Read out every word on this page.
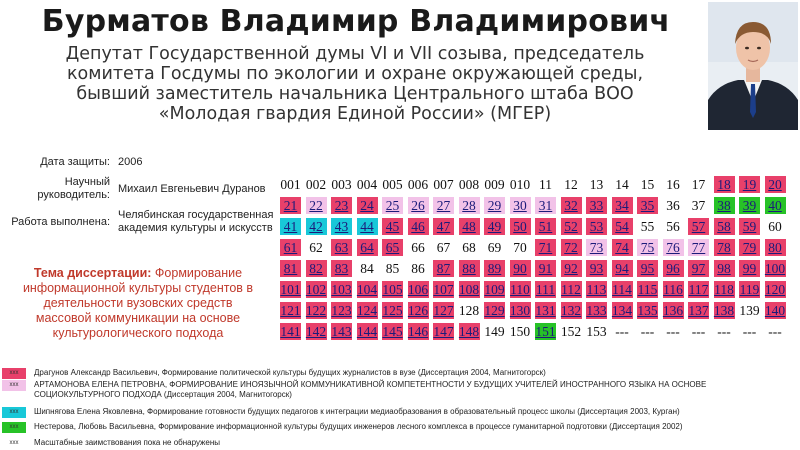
Бурматов Владимир Владимирович
Депутат Государственной думы VI и VII созыва, председатель
комитета Госдумы по экологии и охране окружающей среды,
бывший заместитель начальника Центрального штаба ВОО
«Молодая гвардия Единой России» (МГЕР)
Дата защиты: 2006
Научный
руководитель: Михаил Евгеньевич Дуранов
Работа выполнена:
Челябинская государственная
академия культуры и искусств
Тема диссертации: Формирование информационной культуры студентов в деятельности вузовских средств массовой коммуникации на основе культурологического подхода
001 002 003 004 005 006 007 008 009 010 11 12 13 14 15 16 17 18 19 20
21 22 23 24 25 26 27 28 29 30 31 32 33 34 35 36 37 38 39 40
41 42 43 44 45 46 47 48 49 50 51 52 53 54 55 56 57 58 59 60
61 62 63 64 65 66 67 68 69 70 71 72 73 74 75 76 77 78 79 80
81 82 83 84 85 86 87 88 89 90 91 92 93 94 95 96 97 98 99 100
101 102 103 104 105 106 107 108 109 110 111 112 113 114 115 116 117 118 119 120
121 122 123 124 125 126 127 128 129 130 131 132 133 134 135 136 137 138 139 140
141 142 143 144 145 146 147 148 149 150 151 152 153 --- --- --- --- --- --- ---
xxx	Драгунов Александр Васильевич, Формирование политической культуры будущих журналистов в вузе (Диссертация 2004, Магнитогорск)
xxx	АРТАМОНОВА ЕЛЕНА ПЕТРОВНА, ФОРМИРОВАНИЕ ИНОЯЗЫЧНОЙ КОММУНИКАТИВНОЙ КОМПЕТЕНТНОСТИ У БУДУЩИХ УЧИТЕЛЕЙ ИНОСТРАННОГО ЯЗЫКА НА ОСНОВЕ СОЦИОКУЛЬТУРНОГО ПОДХОДА (Диссертация 2004, Магнитогорск)
xxx	Шипнягова Елена Яковлевна, Формирование готовности будущих педагогов к интеграции медиаобразования в образовательный процесс школы (Диссертация 2003, Курган)
xxx	Нестерова, Любовь Васильевна, Формирование информационной культуры будущих инженеров лесного комплекса в процессе гуманитарной подготовки (Диссертация 2002)
xxx	Масштабные заимствования пока не обнаружены
